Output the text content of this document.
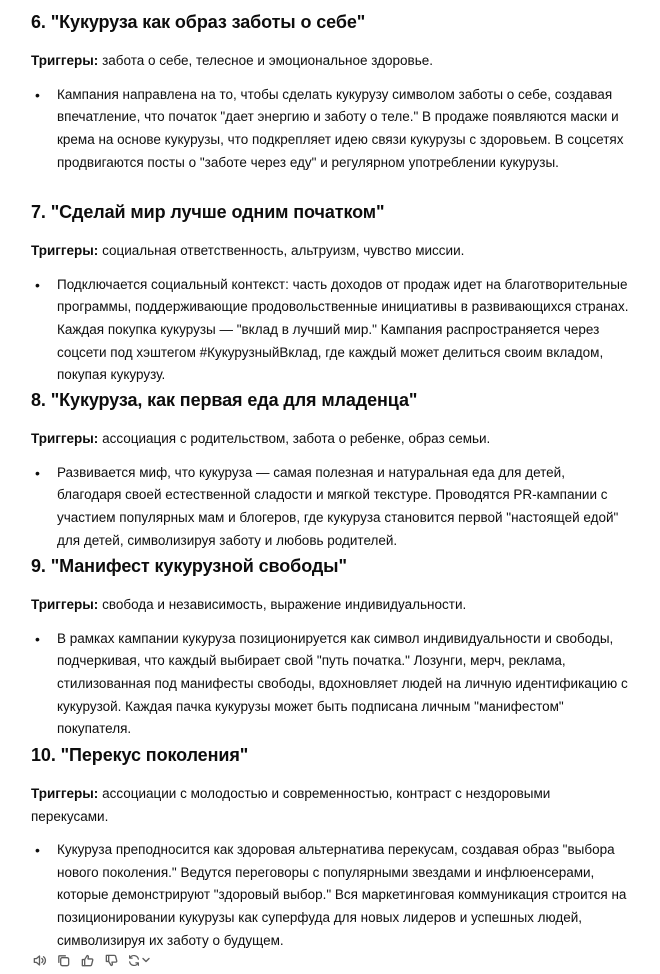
6. "Кукуруза как образ заботы о себе"

Триггеры: забота о себе, телесное и эмоциональное здоровье.

• Кампания направлена на то, чтобы сделать кукурузу символом заботы о себе, создавая впечатление, что початок "дает энергию и заботу о теле." В продаже появляются маски и крема на основе кукурузы, что подкрепляет идею связи кукурузы с здоровьем. В соцсетях продвигаются посты о "заботе через еду" и регулярном употреблении кукурузы.

7. "Сделай мир лучше одним початком"

Триггеры: социальная ответственность, альтруизм, чувство миссии.

• Подключается социальный контекст: часть доходов от продаж идет на благотворительные программы, поддерживающие продовольственные инициативы в развивающихся странах. Каждая покупка кукурузы — "вклад в лучший мир." Кампания распространяется через соцсети под хэштегом #КукурузныйВклад, где каждый может делиться своим вкладом, покупая кукурузу.

8. "Кукуруза, как первая еда для младенца"

Триггеры: ассоциация с родительством, забота о ребенке, образ семьи.

• Развивается миф, что кукуруза — самая полезная и натуральная еда для детей, благодаря своей естественной сладости и мягкой текстуре. Проводятся PR-кампании с участием популярных мам и блогеров, где кукуруза становится первой "настоящей едой" для детей, символизируя заботу и любовь родителей.

9. "Манифест кукурузной свободы"

Триггеры: свобода и независимость, выражение индивидуальности.

• В рамках кампании кукуруза позиционируется как символ индивидуальности и свободы, подчеркивая, что каждый выбирает свой "путь початка." Лозунги, мерч, реклама, стилизованная под манифесты свободы, вдохновляет людей на личную идентификацию с кукурузой. Каждая пачка кукурузы может быть подписана личным "манифестом" покупателя.

10. "Перекус поколения"

Триггеры: ассоциации с молодостью и современностью, контраст с нездоровыми перекусами.

• Кукуруза преподносится как здоровая альтернатива перекусам, создавая образ "выбора нового поколения." Ведутся переговоры с популярными звездами и инфлюенсерами, которые демонстрируют "здоровый выбор." Вся маркетинговая коммуникация строится на позиционировании кукурузы как суперфуда для новых лидеров и успешных людей, символизируя их заботу о будущем.
